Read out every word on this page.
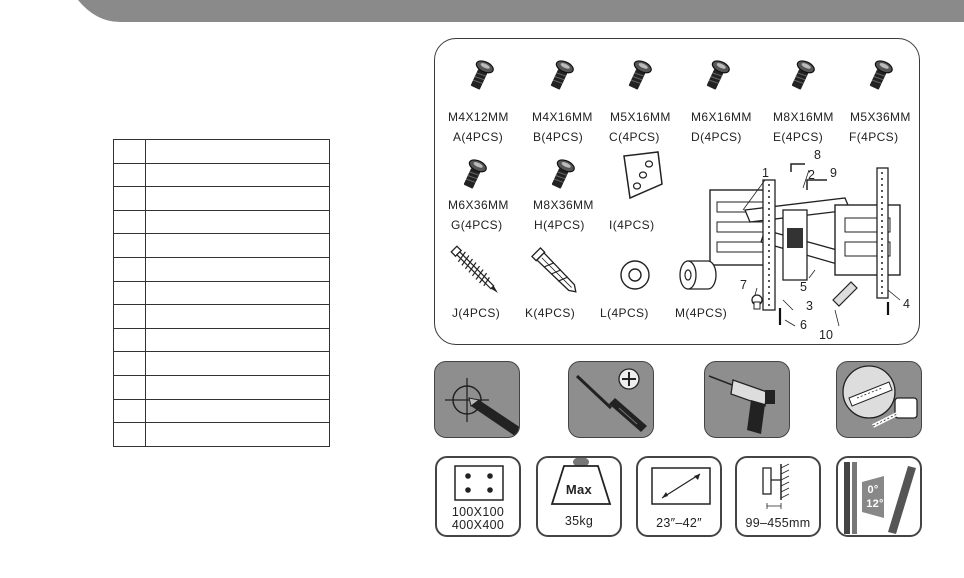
M4X12MM
A(4PCS)
M4X16MM
B(4PCS)
M5X16MM
C(4PCS)
M6X16MM
D(4PCS)
M8X16MM
E(4PCS)
M5X36MM
F(4PCS)
M6X36MM
G(4PCS)
M8X36MM
H(4PCS) I(4PCS)
1	2
3	4
5
6
7
8
9
10
J(4PCS) K(4PCS) L(4PCS) M(4PCS)
100X100
400X400
Max
35kg	23″–42″	99–455mm
0°
12°
